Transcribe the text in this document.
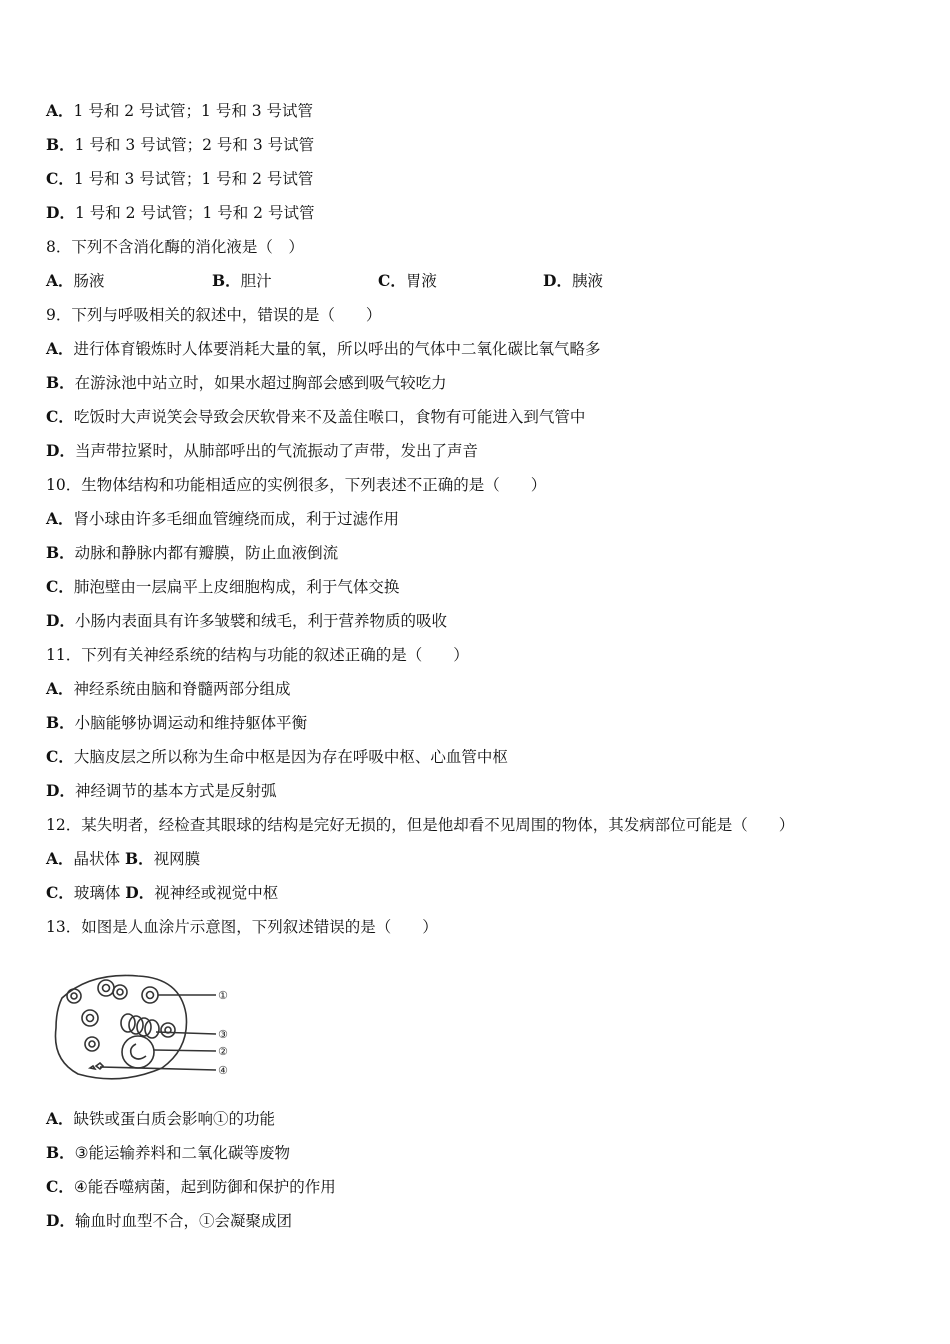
A．1 号和 2 号试管；1 号和 3 号试管
B．1 号和 3 号试管；2 号和 3 号试管
C．1 号和 3 号试管；1 号和 2 号试管
D．1 号和 2 号试管；1 号和 2 号试管
8．下列不含消化酶的消化液是（　）
A．肠液	B．胆汁	C．胃液	D．胰液
9．下列与呼吸相关的叙述中，错误的是（　　）
A．进行体育锻炼时人体要消耗大量的氧，所以呼出的气体中二氧化碳比氧气略多
B．在游泳池中站立时，如果水超过胸部会感到吸气较吃力
C．吃饭时大声说笑会导致会厌软骨来不及盖住喉口，食物有可能进入到气管中
D．当声带拉紧时，从肺部呼出的气流振动了声带，发出了声音
10．生物体结构和功能相适应的实例很多，下列表述不正确的是（　　）
A．肾小球由许多毛细血管缠绕而成，利于过滤作用
B．动脉和静脉内都有瓣膜，防止血液倒流
C．肺泡壁由一层扁平上皮细胞构成，利于气体交换
D．小肠内表面具有许多皱襞和绒毛，利于营养物质的吸收
11．下列有关神经系统的结构与功能的叙述正确的是（　　）
A．神经系统由脑和脊髓两部分组成
B．小脑能够协调运动和维持躯体平衡
C．大脑皮层之所以称为生命中枢是因为存在呼吸中枢、心血管中枢
D．神经调节的基本方式是反射弧
12．某失明者，经检查其眼球的结构是完好无损的，但是他却看不见周围的物体，其发病部位可能是（　　）
A．晶状体 B．视网膜
C．玻璃体 D．视神经或视觉中枢
13．如图是人血涂片示意图，下列叙述错误的是（　　）
①
③
②
④
A．缺铁或蛋白质会影响①的功能
B．③能运输养料和二氧化碳等废物
C．④能吞噬病菌，起到防御和保护的作用
D．输血时血型不合，①会凝聚成团
